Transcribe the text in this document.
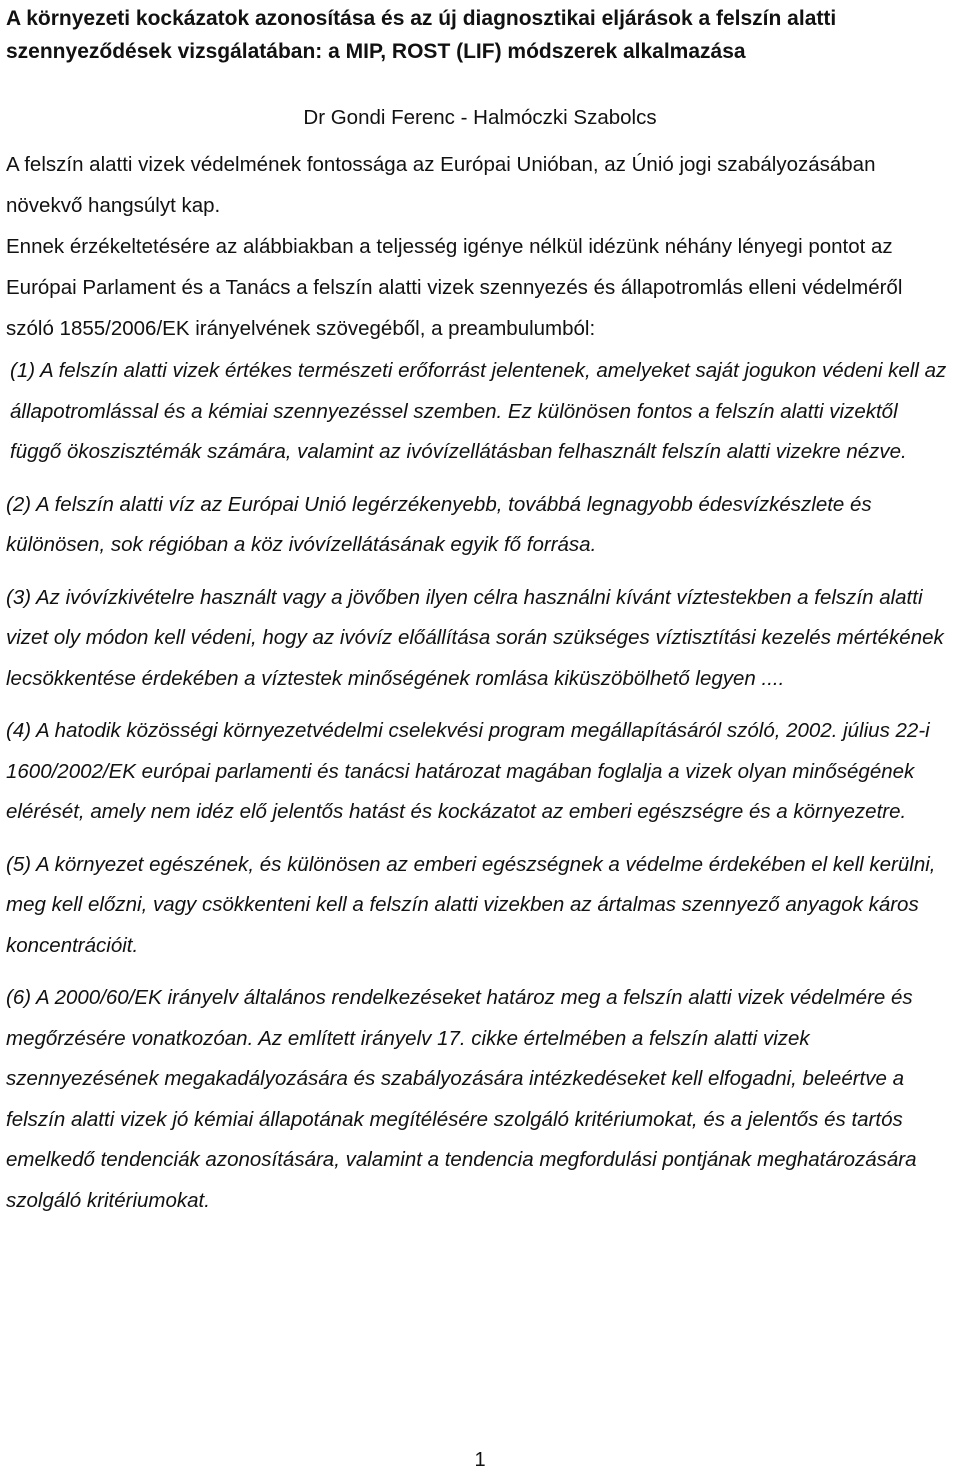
A környezeti kockázatok azonosítása és az új diagnosztikai eljárások a felszín alatti szennyeződések vizsgálatában: a MIP, ROST (LIF) módszerek alkalmazása

Dr Gondi Ferenc - Halmóczki Szabolcs

A felszín alatti vizek védelmének fontossága az Európai Unióban, az Únió jogi szabályozásában növekvő hangsúlyt kap.

Ennek érzékeltetésére az alábbiakban a teljesség igénye nélkül idézünk néhány lényegi pontot az Európai Parlament és a Tanács a felszín alatti vizek szennyezés és állapotromlás elleni védelméről szóló 1855/2006/EK irányelvének szövegéből, a preambulumból:

(1) A felszín alatti vizek értékes természeti erőforrást jelentenek, amelyeket saját jogukon védeni kell az állapotromlással és a kémiai szennyezéssel szemben. Ez különösen fontos a felszín alatti vizektől függő ökoszisztémák számára, valamint az ivóvízellátásban felhasznált felszín alatti vizekre nézve.

(2) A felszín alatti víz az Európai Unió legérzékenyebb, továbbá legnagyobb édesvízkészlete és különösen, sok régióban a köz ivóvízellátásának egyik fő forrása.

(3) Az ivóvízkivételre használt vagy a jövőben ilyen célra használni kívánt víztestekben a felszín alatti vizet oly módon kell védeni, hogy az ivóvíz előállítása során szükséges víztisztítási kezelés mértékének lecsökkentése érdekében a víztestek minőségének romlása kiküszöbölhető legyen ....

(4) A hatodik közösségi környezetvédelmi cselekvési program megállapításáról szóló, 2002. július 22-i 1600/2002/EK európai parlamenti és tanácsi határozat magában foglalja a vizek olyan minőségének elérését, amely nem idéz elő jelentős hatást és kockázatot az emberi egészségre és a környezetre.

(5) A környezet egészének, és különösen az emberi egészségnek a védelme érdekében el kell kerülni, meg kell előzni, vagy csökkenteni kell a felszín alatti vizekben az ártalmas szennyező anyagok káros koncentrációit.

(6) A 2000/60/EK irányelv általános rendelkezéseket határoz meg a felszín alatti vizek védelmére és megőrzésére vonatkozóan. Az említett irányelv 17. cikke értelmében a felszín alatti vizek szennyezésének megakadályozására és szabályozására intézkedéseket kell elfogadni, beleértve a felszín alatti vizek jó kémiai állapotának megítélésére szolgáló kritériumokat, és a jelentős és tartós emelkedő tendenciák azonosítására, valamint a tendencia megfordulási pontjának meghatározására szolgáló kritériumokat.

1
